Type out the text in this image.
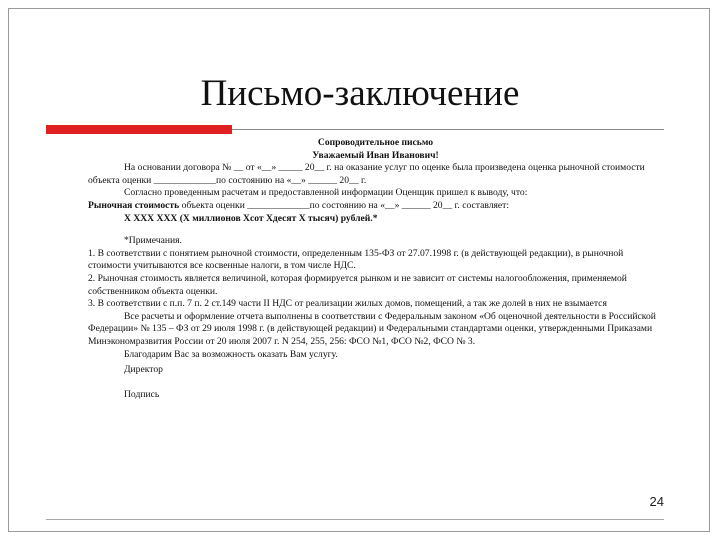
Письмо-заключение

Сопроводительное письмо

Уважаемый Иван Иванович!

На основании договора № __ от «__» _____ 20__ г. на оказание услуг по оценке была произведена оценка рыночной стоимости объекта оценки _____________по состоянию на «__» ______ 20__ г.

Согласно проведенным расчетам и предоставленной информации Оценщик пришел к выводу, что:

Рыночная стоимость объекта оценки _____________по состоянию на «__» ______ 20__ г. составляет:

Х ХХХ ХХХ (Х миллионов Хсот Хдесят Х тысяч) рублей.*

*Примечания.

1. В соответствии с понятием рыночной стоимости, определенным 135-ФЗ от 27.07.1998 г. (в действующей редакции), в рыночной стоимости учитываются все косвенные налоги, в том числе НДС.

2. Рыночная стоимость является величиной, которая формируется рынком и не зависит от системы налогообложения, применяемой собственником объекта оценки.

3. В соответствии с п.п. 7 п. 2 ст.149 части II НДС от реализации жилых домов, помещений, а так же долей в них не взымается

Все расчеты и оформление отчета выполнены в соответствии с Федеральным законом «Об оценочной деятельности в Российской Федерации» № 135 – ФЗ от 29 июля 1998 г. (в действующей редакции) и Федеральными стандартами оценки, утвержденными Приказами Минэкономразвития России от 20 июля 2007 г. N 254, 255, 256: ФСО №1, ФСО №2, ФСО № 3.

Благодарим Вас за возможность оказать Вам услугу.

Директор

Подпись

24
